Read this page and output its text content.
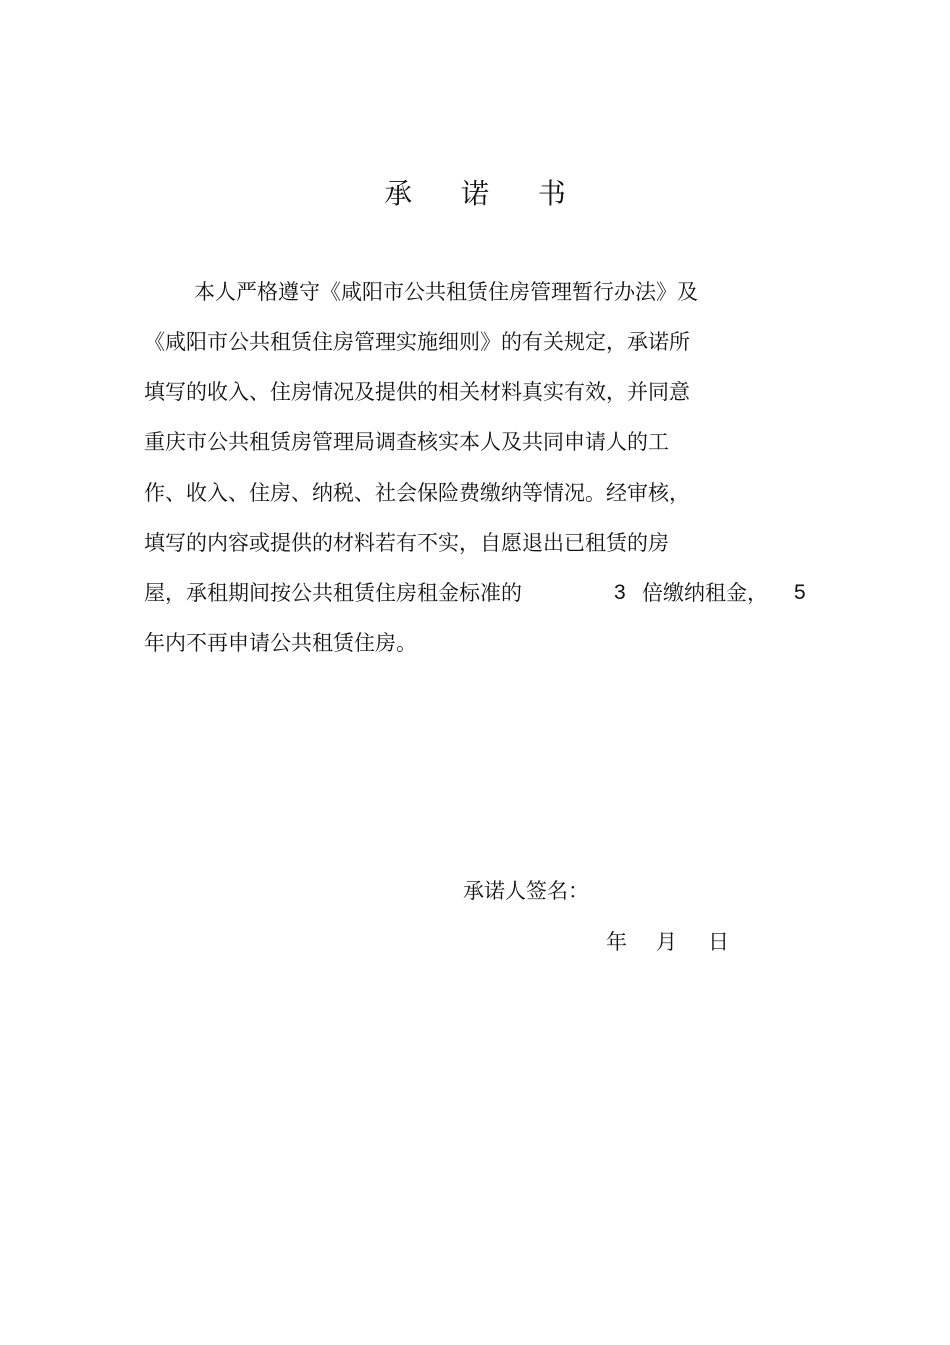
承 诺 书
本人严格遵守《咸阳市公共租赁住房管理暂行办法》及
《咸阳市公共租赁住房管理实施细则》的有关规定，承诺所
填写的收入、住房情况及提供的相关材料真实有效，并同意
重庆市公共租赁房管理局调查核实本人及共同申请人的工
作、收入、住房、纳税、社会保险费缴纳等情况。经审核，
填写的内容或提供的材料若有不实，自愿退出已租赁的房
屋，承租期间按公共租赁住房租金标准的	3 倍缴纳租金， 5
年内不再申请公共租赁住房。
承诺人签名：
年 月 日
